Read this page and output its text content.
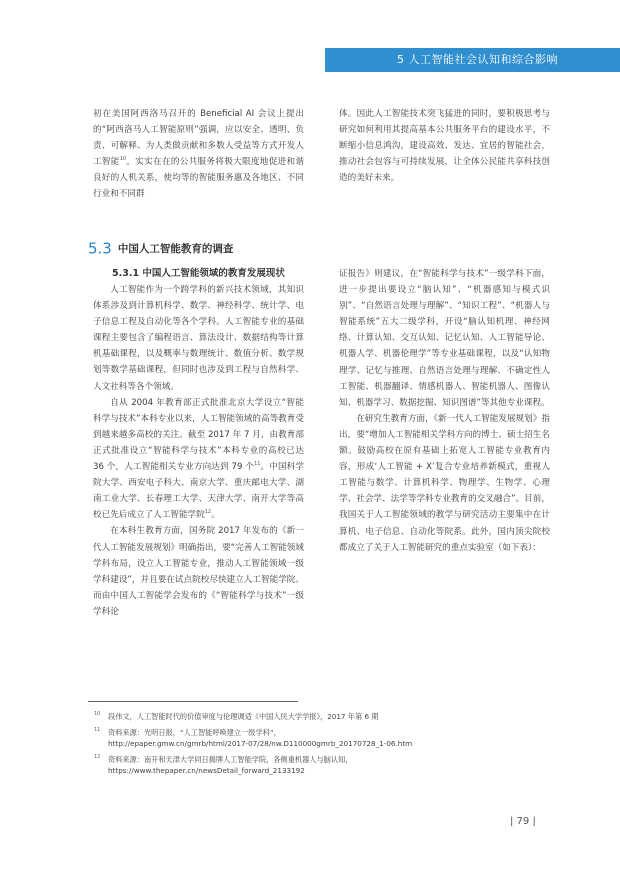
5 人工智能社会认知和综合影响

初在美国阿西洛马召开的 Beneficial AI 会议上提出的“阿西洛马人工智能原则”强调，应以安全、透明、负责、可解释、为人类做贡献和多数人受益等方式开发人工智能$^{10}$。实实在在的公共服务将极大限度地促进和谐良好的人机关系，使均等的智能服务惠及各地区、不同行业和不同群

体。因此人工智能技术突飞猛进的同时，要积极思考与研究如何利用其提高基本公共服务平台的建设水平，不断缩小信息鸿沟，建设高效、发达、宜居的智能社会，推动社会包容与可持续发展，让全体公民能共享科技创造的美好未来。

5.3 中国人工智能教育的调查

5.3.1 中国人工智能领域的教育发展现状

人工智能作为一个跨学科的新兴技术领域，其知识体系涉及到计算机科学、数学、神经科学、统计学、电子信息工程及自动化等各个学科。人工智能专业的基础课程主要包含了编程语言、算法设计、数据结构等计算机基础课程，以及概率与数理统计、数值分析、数学规划等数学基础课程，但同时也涉及到工程与自然科学、人文社科等各个领域。

自从 2004 年教育部正式批准北京大学设立“智能科学与技术”本科专业以来，人工智能领域的高等教育受到越来越多高校的关注。截至 2017 年 7 月，由教育部正式批准设立“智能科学与技术”本科专业的高校已达 36 个，人工智能相关专业方向达到 79 个$^{11}$。中国科学院大学、西安电子科大、南京大学、重庆邮电大学、湖南工业大学、长春理工大学、天津大学、南开大学等高校已先后成立了人工智能学院$^{12}$。

在本科生教育方面，国务院 2017 年发布的《新一代人工智能发展规划》明确指出，要“完善人工智能领域学科布局，设立人工智能专业，推动人工智能领域一级学科建设”，并且要在试点院校尽快建立人工智能学院。而由中国人工智能学会发布的《“智能科学与技术”一级学科论

证报告》则建议，在“智能科学与技术”一级学科下面，进一步提出要设立“脑认知”、“机器感知与模式识别”、“自然语言处理与理解”、“知识工程”、“机器人与智能系统”五大二级学科，开设“脑认知机理、神经网络、计算认知、交互认知、记忆认知、人工智能导论、机器人学、机器伦理学”等专业基础课程，以及“认知物理学、记忆与推理、自然语言处理与理解、不确定性人工智能、机器翻译、情感机器人、智能机器人、图像认知、机器学习、数据挖掘、知识图谱”等其他专业课程。

在研究生教育方面，《新一代人工智能发展规划》指出，要“增加人工智能相关学科方向的博士、硕士招生名额。鼓励高校在原有基础上拓宽人工智能专业教育内容，形成‘人工智能 + X’复合专业培养新模式，重视人工智能与数学、计算机科学、物理学、生物学、心理学、社会学、法学等学科专业教育的交叉融合”。目前，我国关于人工智能领域的教学与研究活动主要集中在计算机、电子信息、自动化等院系。此外，国内顶尖院校都成立了关于人工智能研究的重点实验室（如下表）：

10 段伟文，人工智能时代的价值审度与伦理调适《中国人民大学学报》，2017 年第 6 期
11 资料来源：光明日报，“人工智能呼唤建立一级学科”，
http://epaper.gmw.cn/gmrb/html/2017-07/28/nw.D110000gmrb_20170728_1-06.htm
12 资料来源：南开和天津大学同日揭牌人工智能学院，各侧重机器人与脑认知，
https://www.thepaper.cn/newsDetail_forward_2133192
| 79 |
